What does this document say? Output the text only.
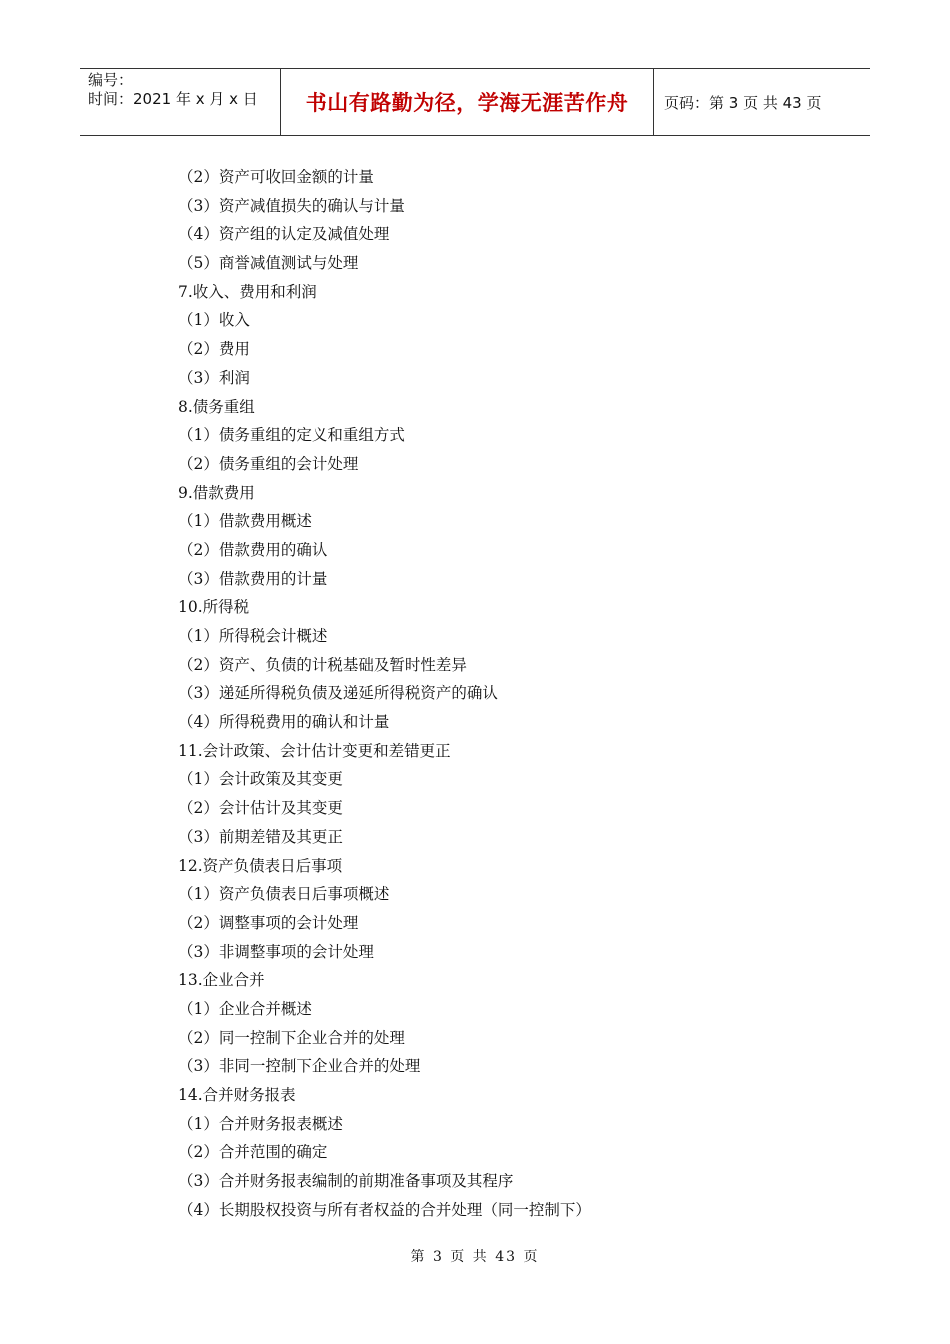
编号：
时间：2021 年 x 月 x 日	书山有路勤为径，学海无涯苦作舟	页码：第 3 页 共 43 页
（2）资产可收回金额的计量
（3）资产减值损失的确认与计量
（4）资产组的认定及减值处理
（5）商誉减值测试与处理
7.收入、费用和利润
（1）收入
（2）费用
（3）利润
8.债务重组
（1）债务重组的定义和重组方式
（2）债务重组的会计处理
9.借款费用
（1）借款费用概述
（2）借款费用的确认
（3）借款费用的计量
10.所得税
（1）所得税会计概述
（2）资产、负债的计税基础及暂时性差异
（3）递延所得税负债及递延所得税资产的确认
（4）所得税费用的确认和计量
11.会计政策、会计估计变更和差错更正
（1）会计政策及其变更
（2）会计估计及其变更
（3）前期差错及其更正
12.资产负债表日后事项
（1）资产负债表日后事项概述
（2）调整事项的会计处理
（3）非调整事项的会计处理
13.企业合并
（1）企业合并概述
（2）同一控制下企业合并的处理
（3）非同一控制下企业合并的处理
14.合并财务报表
（1）合并财务报表概述
（2）合并范围的确定
（3）合并财务报表编制的前期准备事项及其程序
（4）长期股权投资与所有者权益的合并处理（同一控制下）
第 3 页 共 43 页
